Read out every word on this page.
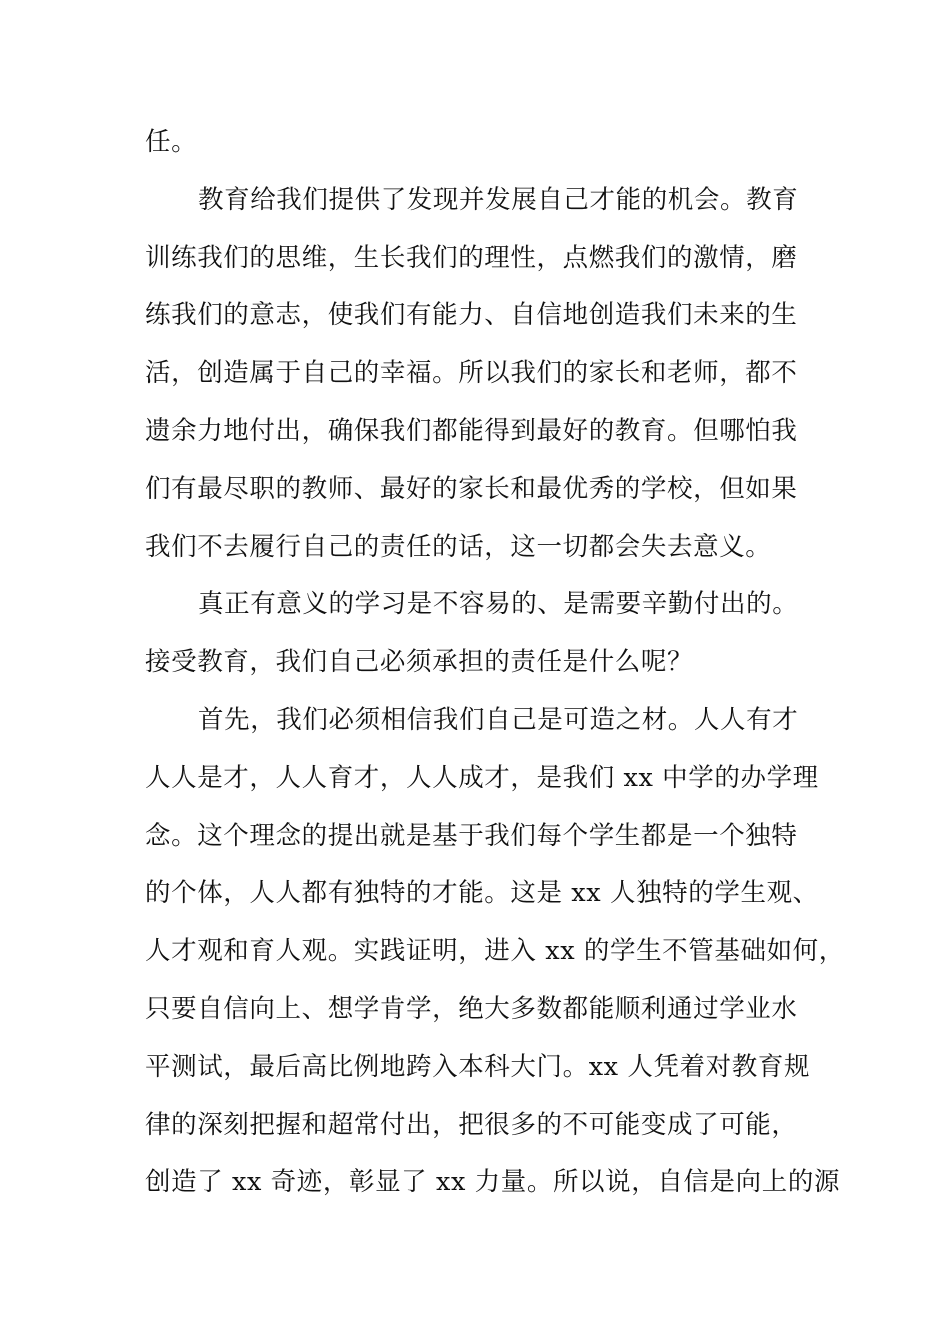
任。
教育给我们提供了发现并发展自己才能的机会。教育
训练我们的思维，生长我们的理性，点燃我们的激情，磨
练我们的意志，使我们有能力、自信地创造我们未来的生
活，创造属于自己的幸福。所以我们的家长和老师，都不
遗余力地付出，确保我们都能得到最好的教育。但哪怕我
们有最尽职的教师、最好的家长和最优秀的学校，但如果
我们不去履行自己的责任的话，这一切都会失去意义。
真正有意义的学习是不容易的、是需要辛勤付出的。
接受教育，我们自己必须承担的责任是什么呢？
首先，我们必须相信我们自己是可造之材。人人有才
人人是才，人人育才，人人成才，是我们 xx 中学的办学理
念。这个理念的提出就是基于我们每个学生都是一个独特
的个体，人人都有独特的才能。这是 xx 人独特的学生观、
人才观和育人观。实践证明，进入 xx 的学生不管基础如何，
只要自信向上、想学肯学，绝大多数都能顺利通过学业水
平测试，最后高比例地跨入本科大门。xx 人凭着对教育规
律的深刻把握和超常付出，把很多的不可能变成了可能，
创造了 xx 奇迹，彰显了 xx 力量。所以说，自信是向上的源
